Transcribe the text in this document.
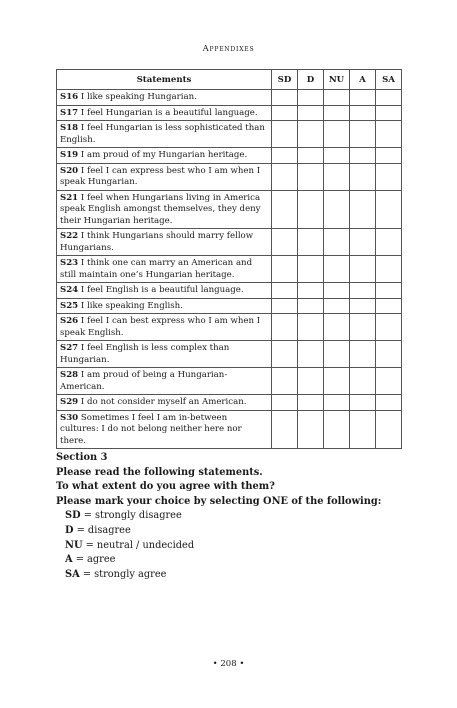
Appendixes
Statements	SD	D	NU	A	SA
S16 I like speaking Hungarian.					
S17 I feel Hungarian is a beautiful language.					
S18 I feel Hungarian is less sophisticated than English.					
S19 I am proud of my Hungarian heritage.					
S20 I feel I can express best who I am when I speak Hungarian.					
S21 I feel when Hungarians living in America speak English amongst themselves, they deny their Hungarian heritage.					
S22 I think Hungarians should marry fellow Hungarians.					
S23 I think one can marry an American and still maintain one’s Hungarian heritage.					
S24 I feel English is a beautiful language.					
S25 I like speaking English.					
S26 I feel I can best express who I am when I speak English.					
S27 I feel English is less complex than Hungarian.					
S28 I am proud of being a Hungarian-American.					
S29 I do not consider myself an American.					
S30 Sometimes I feel I am in-between cultures: I do not belong neither here nor there.					
Section 3
Please read the following statements.
To what extent do you agree with them?
Please mark your choice by selecting ONE of the following:
SD = strongly disagree
D = disagree
NU = neutral / undecided
A = agree
SA = strongly agree
• 208 •
